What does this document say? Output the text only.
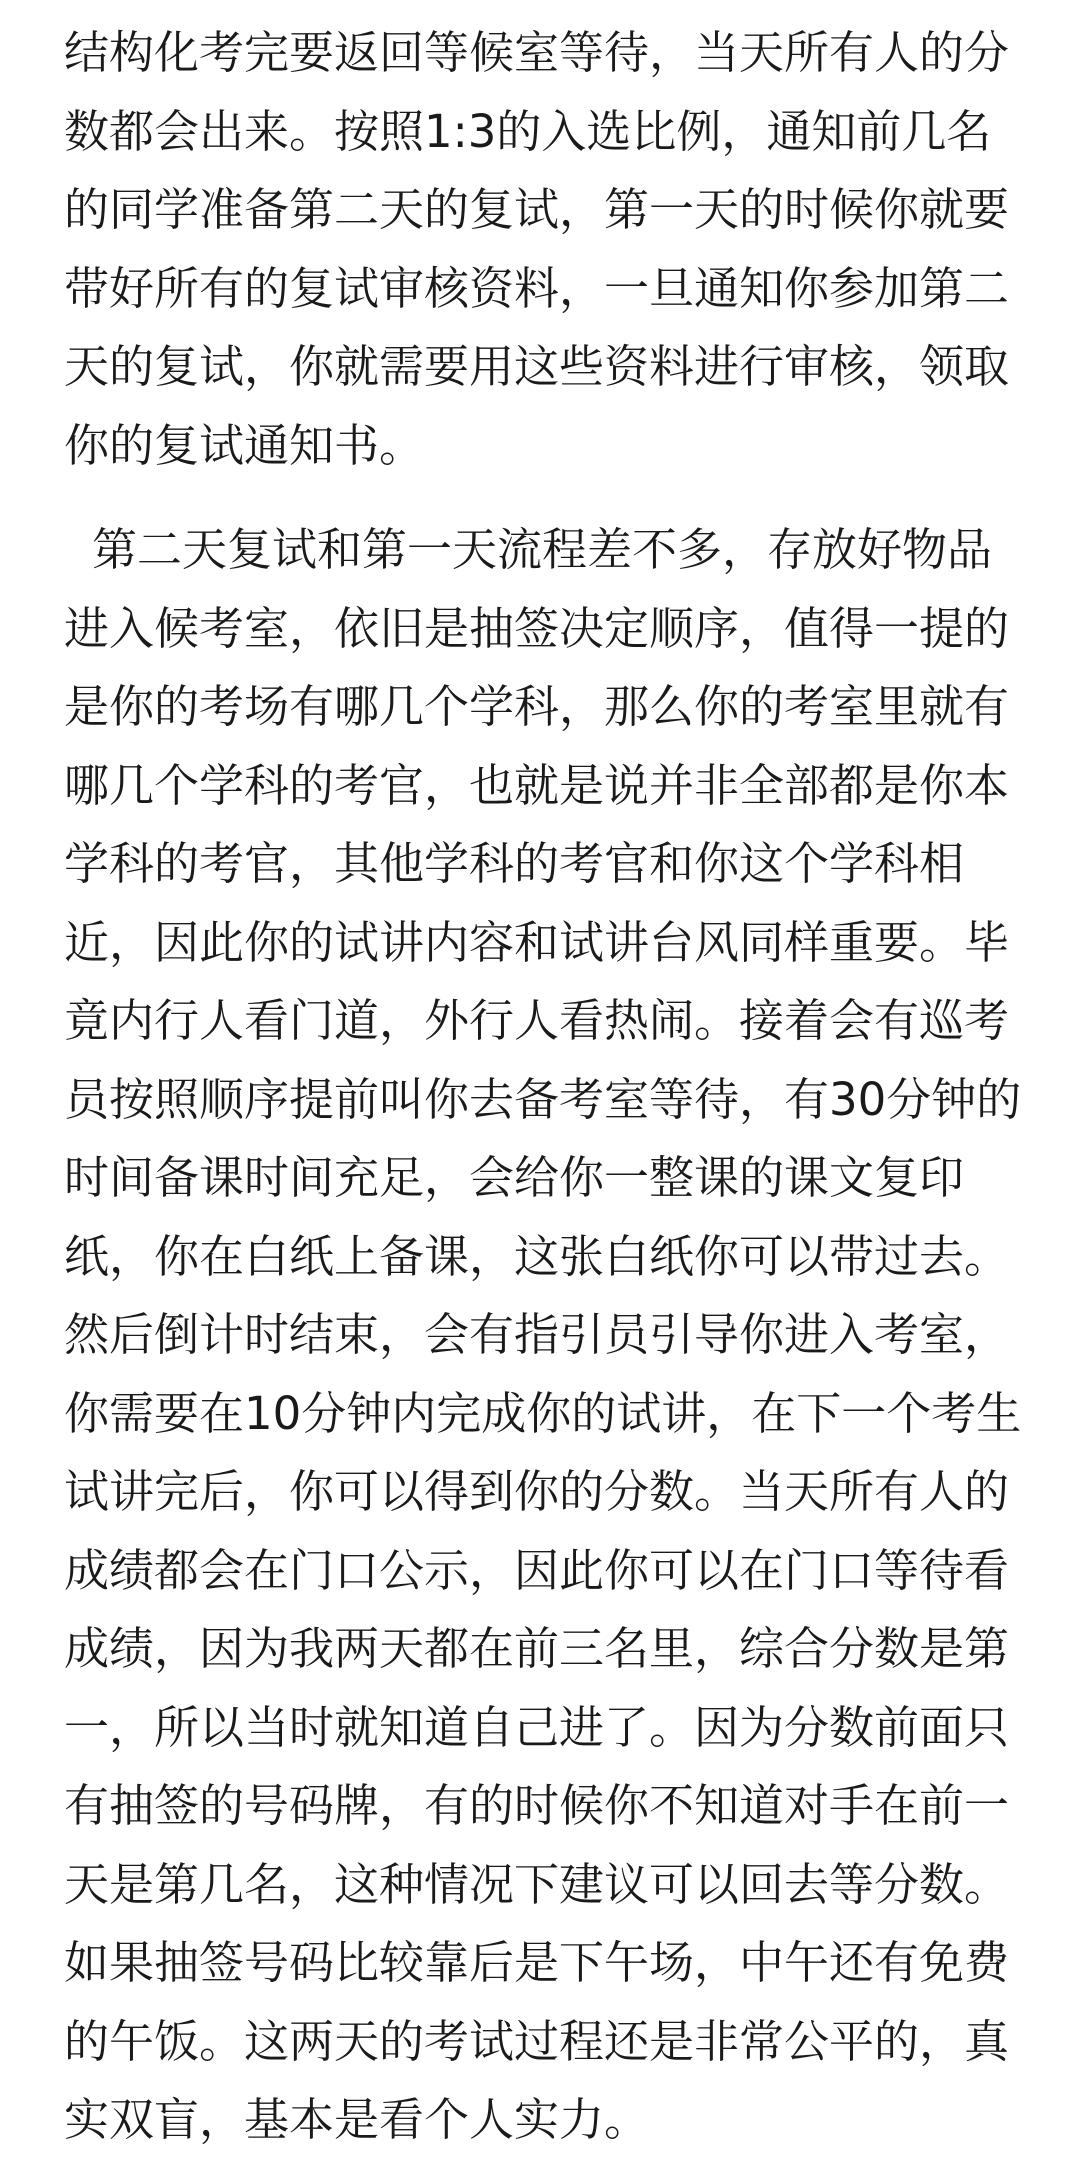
结构化考完要返回等候室等待，当天所有人的分数都会出来。按照1:3的入选比例，通知前几名的同学准备第二天的复试，第一天的时候你就要带好所有的复试审核资料，一旦通知你参加第二天的复试，你就需要用这些资料进行审核，领取你的复试通知书。

第二天复试和第一天流程差不多，存放好物品进入候考室，依旧是抽签决定顺序，值得一提的是你的考场有哪几个学科，那么你的考室里就有哪几个学科的考官，也就是说并非全部都是你本学科的考官，其他学科的考官和你这个学科相近，因此你的试讲内容和试讲台风同样重要。毕竟内行人看门道，外行人看热闹。接着会有巡考员按照顺序提前叫你去备考室等待，有30分钟的时间备课时间充足，会给你一整课的课文复印纸，你在白纸上备课，这张白纸你可以带过去。然后倒计时结束，会有指引员引导你进入考室，你需要在10分钟内完成你的试讲，在下一个考生试讲完后，你可以得到你的分数。当天所有人的成绩都会在门口公示，因此你可以在门口等待看成绩，因为我两天都在前三名里，综合分数是第一，所以当时就知道自己进了。因为分数前面只有抽签的号码牌，有的时候你不知道对手在前一天是第几名，这种情况下建议可以回去等分数。如果抽签号码比较靠后是下午场，中午还有免费的午饭。这两天的考试过程还是非常公平的，真实双盲，基本是看个人实力。
